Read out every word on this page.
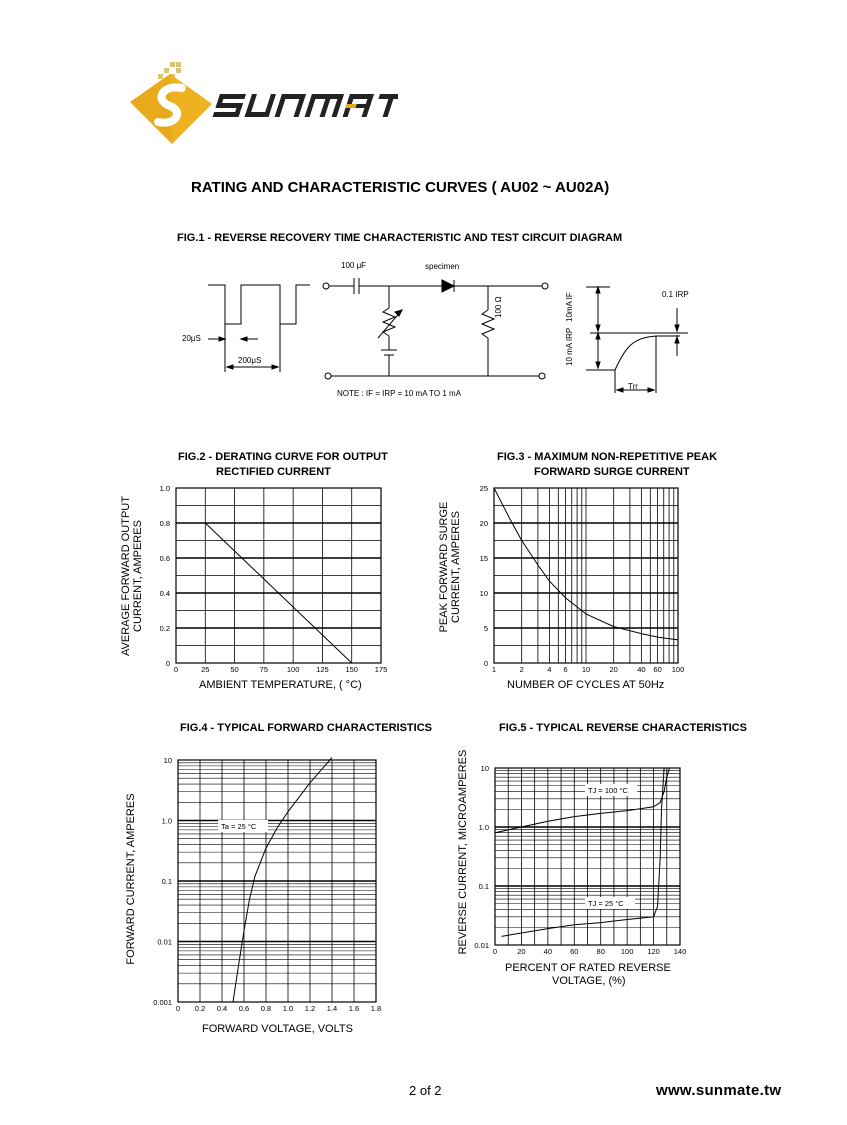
RATING AND CHARACTERISTIC CURVES ( AU02 ~ AU02A)
FIG.1 - REVERSE RECOVERY TIME CHARACTERISTIC AND TEST CIRCUIT DIAGRAM
100 μF	specimen
100 Ω
20μS
200μS
10mA IF
10 mA IRP
0.1 IRP
Trr
NOTE : IF = IRP = 10 mA TO 1 mA
FIG.2 - DERATING CURVE FOR OUTPUT
RECTIFIED CURRENT
AVERAGE FORWARD OUTPUT CURRENT, AMPERES
AMBIENT TEMPERATURE, ( °C)
0	25	50	75	100 125 150 175
0
0.2
0.4
0.6
0.8
1.0
FIG.3 - MAXIMUM NON-REPETITIVE PEAK
FORWARD SURGE CURRENT
PEAK FORWARD SURGE CURRENT, AMPERES
NUMBER OF CYCLES AT 50Hz
1	2	4 6 10	20	40 60 100
0
5
10
15
20
25
FIG.4 - TYPICAL FORWARD CHARACTERISTICS
FORWARD CURRENT, AMPERES
FORWARD VOLTAGE, VOLTS
0 0.2 0.4 0.6 0.8 1.0 1.2 1.4 1.6 1.8
0.001
0.01
0.1
1.0
10
Ta = 25 °C
FIG.5 - TYPICAL REVERSE CHARACTERISTICS
REVERSE CURRENT, MICROAMPERES
PERCENT OF RATED REVERSE
VOLTAGE, (%)
0	20 40 60 80 100 120 140
0.01
0.1
1.0
10
TJ = 100 °C
TJ = 25 °C
2 of 2	www.sunmate.tw
